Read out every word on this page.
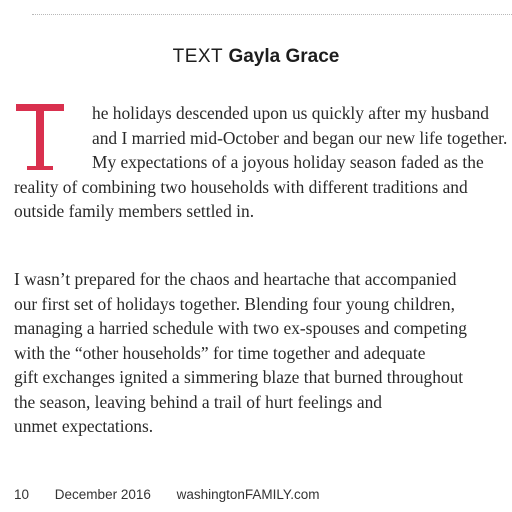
TEXT Gayla Grace
he holidays descended upon us quickly after my husband
and I married mid-October and began our new life together.
My expectations of a joyous holiday season faded as the
reality of combining two households with different traditions and
outside family members settled in.
I wasn’t prepared for the chaos and heartache that accompanied
our first set of holidays together. Blending four young children,
managing a harried schedule with two ex-spouses and competing
with the “other households” for time together and adequate
gift exchanges ignited a simmering blaze that burned throughout
the season, leaving behind a trail of hurt feelings and
unmet expectations.
10 December 2016 washingtonFAMILY.com
